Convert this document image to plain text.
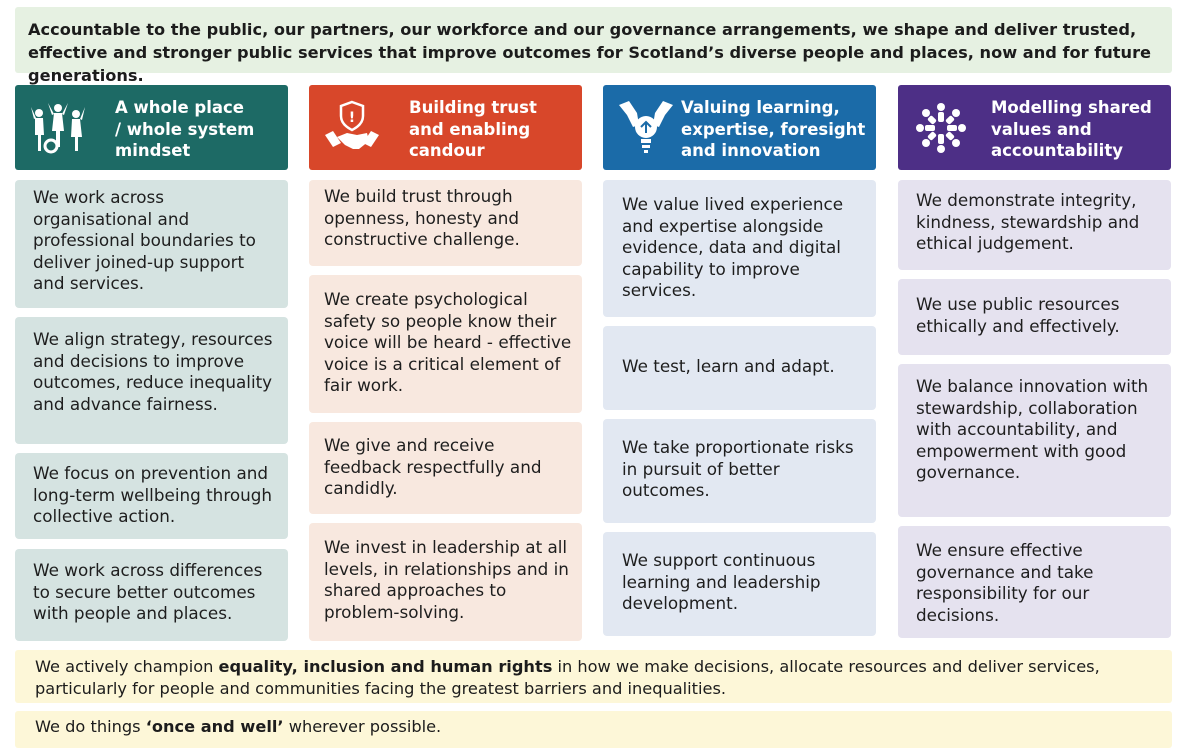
Accountable to the public, our partners, our workforce and our governance arrangements, we shape and deliver trusted, effective and stronger public services that improve outcomes for Scotland’s diverse people and places, now and for future generations.
A whole place
/ whole system
mindset
We work across organisational and professional boundaries to deliver joined-up support and services.
We align strategy, resources and decisions to improve outcomes, reduce inequality and advance fairness.
We focus on prevention and long-term wellbeing through collective action.
We work across differences to secure better outcomes with people and places.
!
Building trust
and enabling
candour
We build trust through openness, honesty and constructive challenge.
We create psychological safety so people know their voice will be heard - effective voice is a critical element of fair work.
We give and receive feedback respectfully and candidly.
We invest in leadership at all levels, in relationships and in shared approaches to problem-solving.
Valuing learning,
expertise, foresight
and innovation
We value lived experience and expertise alongside evidence, data and digital capability to improve services.
We test, learn and adapt.
We take proportionate risks in pursuit of better outcomes.
We support continuous learning and leadership development.
Modelling shared
values and
accountability
We demonstrate integrity, kindness, stewardship and ethical judgement.
We use public resources ethically and effectively.
We balance innovation with stewardship, collaboration with accountability, and empowerment with good governance.
We ensure effective governance and take responsibility for our decisions.
We actively champion equality, inclusion and human rights in how we make decisions, allocate resources and deliver services, particularly for people and communities facing the greatest barriers and inequalities.
We do things ‘once and well’ wherever possible.
